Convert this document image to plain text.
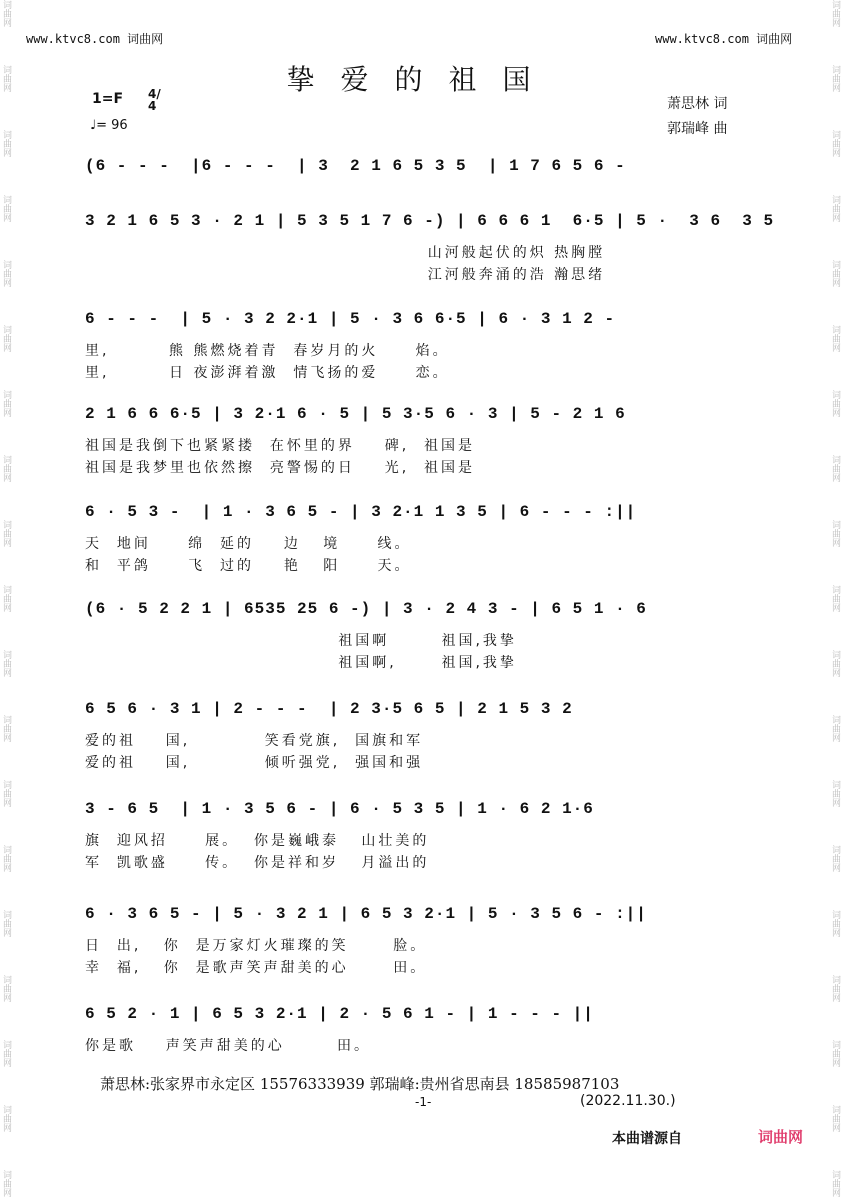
词曲网
词曲网
词曲网
词曲网
词曲网
词曲网
词曲网
词曲网
词曲网
词曲网
词曲网
词曲网
词曲网
词曲网
词曲网
词曲网
词曲网
词曲网
词曲网
词曲网
词曲网
词曲网
词曲网
词曲网
词曲网
词曲网
词曲网
词曲网
词曲网
词曲网
词曲网
词曲网
词曲网
词曲网
词曲网
词曲网
词曲网
词曲网
www.ktvc8.com 词曲网	www.ktvc8.com 词曲网
挚爱的祖国
1=F 4/4
♩= 96
萧思林 词
郭瑞峰 曲
(6 - - -  |6 - - -  | 3  2 1 6 5 3 5  | 1 7 6 5 6 -
3 2 1 6 5 3 · 2 1 | 5 3 5 1 7 6 -) | 6 6 6 1  6·5 | 5 ·  3 6  3 5
山河般起伏的炽 热胸膛
江河般奔涌的浩 瀚思绪
6 - - -  | 5 · 3 2 2·1 | 5 · 3 6 6·5 | 6 · 3 1 2 -
里,        熊 熊燃烧着青  春岁月的火     焰。
里,        日 夜澎湃着激  情飞扬的爱     恋。
2 1 6 6 6·5 | 3 2·1 6 · 5 | 5 3·5 6 · 3 | 5 - 2 1 6
祖国是我倒下也紧紧搂  在怀里的界    碑,  祖国是
祖国是我梦里也依然擦  亮警惕的日    光,  祖国是
6 · 5 3 -  | 1 · 3 6 5 - | 3 2·1 1 3 5 | 6 - - - :||
天  地间     绵  延的    边   境     线。
和  平鸽     飞  过的    艳   阳     天。
(6 · 5 2 2 1 | 6535 25 6 -) | 3 · 2 4 3 - | 6 5 1 · 6
祖国啊       祖国,我挚
祖国啊,      祖国,我挚
6 5 6 · 3 1 | 2 - - -  | 2 3·5 6 5 | 2 1 5 3 2
爱的祖    国,          笑看党旗,  国旗和军
爱的祖    国,          倾听强党,  强国和强
3 - 6 5  | 1 · 3 5 6 - | 6 · 5 3 5 | 1 · 6 2 1·6
旗  迎风招     展。  你是巍峨泰   山壮美的
军  凯歌盛     传。  你是祥和岁   月溢出的
6 · 3 6 5 - | 5 · 3 2 1 | 6 5 3 2·1 | 5 · 3 5 6 - :||
日  出,   你  是万家灯火璀璨的笑      脸。
幸  福,   你  是歌声笑声甜美的心      田。
6 5 2 · 1 | 6 5 3 2·1 | 2 · 5 6 1 - | 1 - - - ||
你是歌    声笑声甜美的心       田。
萧思林:张家界市永定区 15576333939 郭瑞峰:贵州省思南县 18585987103
-1-	(2022.11.30.)
本曲谱源自	词曲网
